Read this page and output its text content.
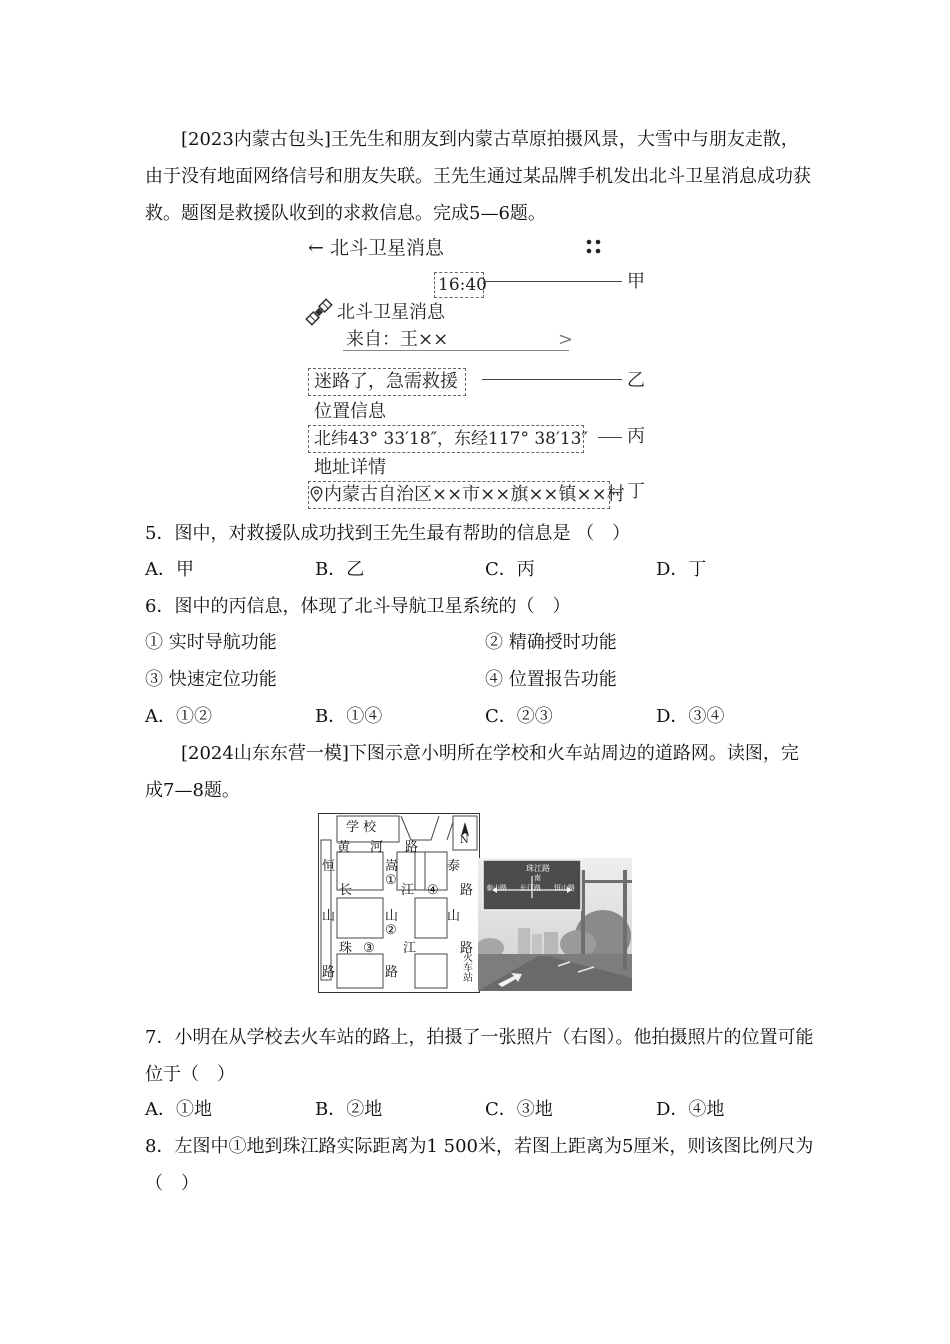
[2023内蒙古包头]王先生和朋友到内蒙古草原拍摄风景，大雪中与朋友走散，由于没有地面网络信号和朋友失联。王先生通过某品牌手机发出北斗卫星消息成功获救。题图是救援队收到的求救信息。完成5—6题。

← 北斗卫星消息
16:40	甲
北斗卫星消息
来自：王××	>
迷路了，急需救援	乙
位置信息
北纬43° 33′18″，东经117° 38′13″ 丙
地址详情
内蒙古自治区××市××旗××镇××村 丁
5．图中，对救援队成功找到王先生最有帮助的信息是 （　）
A．甲	B．乙	C．丙	D．丁
6．图中的丙信息，体现了北斗导航卫星系统的（　）
① 实时导航功能	② 精确授时功能
③ 快速定位功能	④ 位置报告功能
A．①②	B．①④	C．②③	D．③④

[2024山东东营一模]下图示意小明所在学校和火车站周边的道路网。读图，完成7—8题。

学 校
N
黄 河 路
恒	嵩	泰
①
长	江 ④ 路
山	山	山
②
珠 ③ 江	路
路	路
火车站
珠江路
南
泰山路 长江路 恒山路

7．小明在从学校去火车站的路上，拍摄了一张照片（右图）。他拍摄照片的位置可能位于（　）

A．①地	B．②地	C．③地	D．④地

8．左图中①地到珠江路实际距离为1 500米，若图上距离为5厘米，则该图比例尺为（　）
